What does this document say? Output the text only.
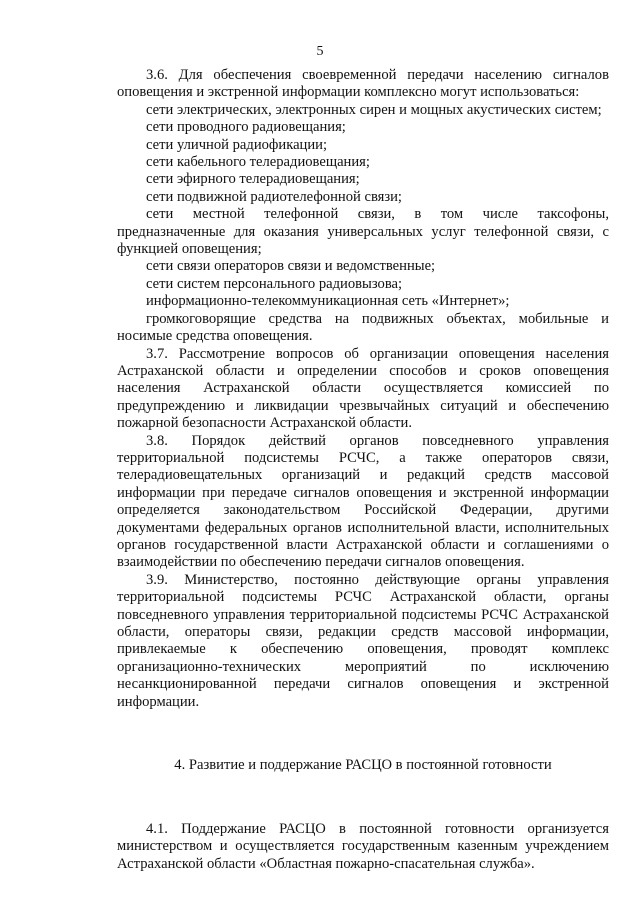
5

3.6. Для обеспечения своевременной передачи населению сигналов оповещения и экстренной информации комплексно могут использоваться:

сети электрических, электронных сирен и мощных акустических систем;

сети проводного радиовещания;

сети уличной радиофикации;

сети кабельного телерадиовещания;

сети эфирного телерадиовещания;

сети подвижной радиотелефонной связи;

сети местной телефонной связи, в том числе таксофоны, предназначенные для оказания универсальных услуг телефонной связи, с функцией оповещения;

сети связи операторов связи и ведомственные;

сети систем персонального радиовызова;

информационно-телекоммуникационная сеть «Интернет»;

громкоговорящие средства на подвижных объектах, мобильные и носимые средства оповещения.

3.7. Рассмотрение вопросов об организации оповещения населения Астраханской области и определении способов и сроков оповещения населения Астраханской области осуществляется комиссией по предупреждению и ликвидации чрезвычайных ситуаций и обеспечению пожарной безопасности Астраханской области.

3.8. Порядок действий органов повседневного управления территориальной подсистемы РСЧС, а также операторов связи, телерадиовещательных организаций и редакций средств массовой информации при передаче сигналов оповещения и экстренной информации определяется законодательством Российской Федерации, другими документами федеральных органов исполнительной власти, исполнительных органов государственной власти Астраханской области и соглашениями о взаимодействии по обеспечению передачи сигналов оповещения.

3.9. Министерство, постоянно действующие органы управления территориальной подсистемы РСЧС Астраханской области, органы повседневного управления территориальной подсистемы РСЧС Астраханской области, операторы связи, редакции средств массовой информации, привлекаемые к обеспечению оповещения, проводят комплекс организационно-технических мероприятий по исключению несанкционированной передачи сигналов оповещения и экстренной информации.

4. Развитие и поддержание РАСЦО в постоянной готовности

4.1. Поддержание РАСЦО в постоянной готовности организуется министерством и осуществляется государственным казенным учреждением Астраханской области «Областная пожарно-спасательная служба».
